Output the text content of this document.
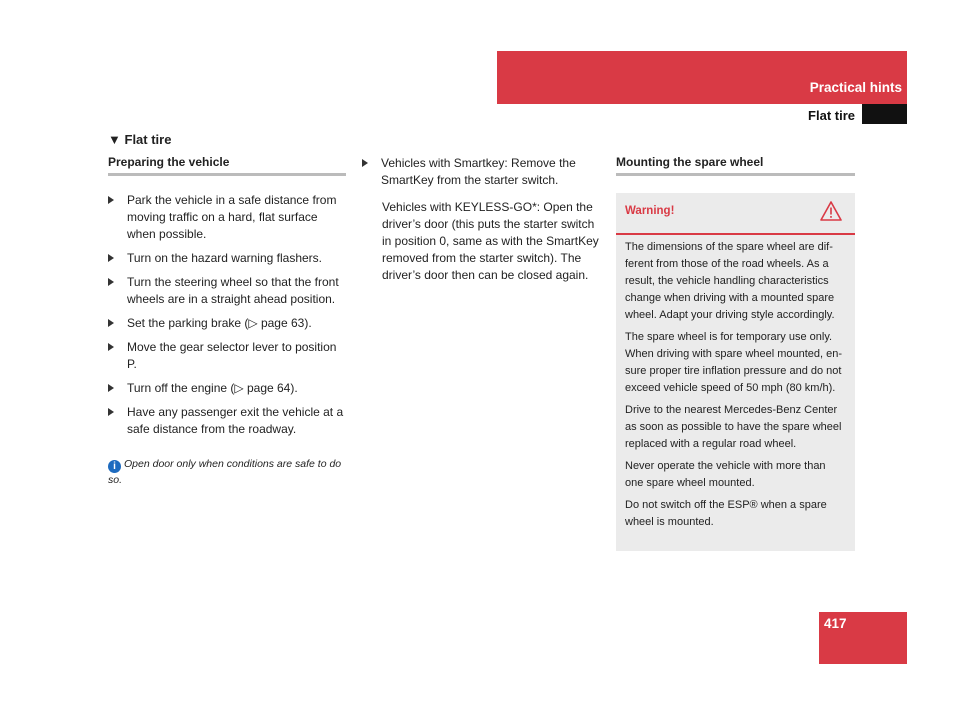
Practical hints
Flat tire
▼ Flat tire
Preparing the vehicle
Park the vehicle in a safe distance from moving traffic on a hard, flat surface when possible.
Turn on the hazard warning flashers.
Turn the steering wheel so that the front wheels are in a straight ahead position.
Set the parking brake (▷ page 63).
Move the gear selector lever to position P.
Turn off the engine (▷ page 64).
Have any passenger exit the vehicle at a safe distance from the roadway.
i Open door only when conditions are safe to do so.
Vehicles with Smartkey: Remove the SmartKey from the starter switch.

Vehicles with KEYLESS-GO*: Open the driver’s door (this puts the starter switch in position 0, same as with the SmartKey removed from the starter switch). The driver’s door then can be closed again.

Mounting the spare wheel
Warning!

The dimensions of the spare wheel are dif-ferent from those of the road wheels. As a result, the vehicle handling characteristics change when driving with a mounted spare wheel. Adapt your driving style accordingly.

The spare wheel is for temporary use only. When driving with spare wheel mounted, en-sure proper tire inflation pressure and do not exceed vehicle speed of 50 mph (80 km/h).

Drive to the nearest Mercedes-Benz Center as soon as possible to have the spare wheel replaced with a regular road wheel.

Never operate the vehicle with more than one spare wheel mounted.

Do not switch off the ESP® when a spare wheel is mounted.

417
